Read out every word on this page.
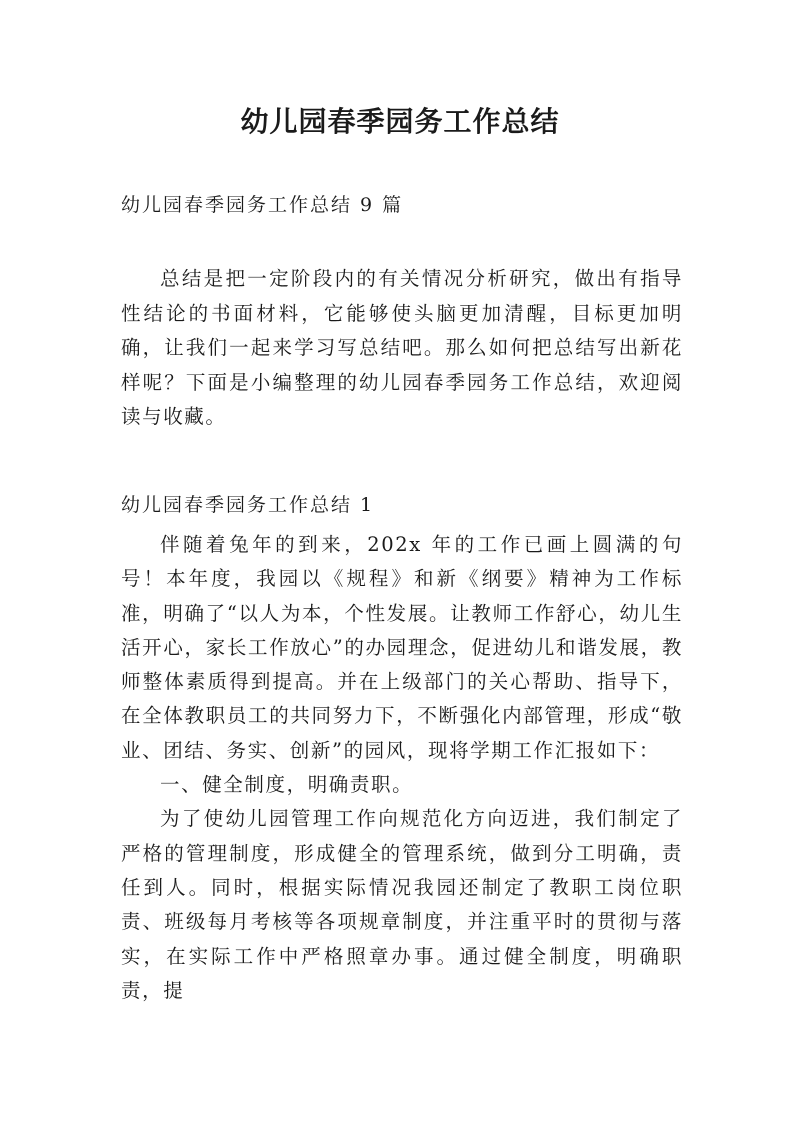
幼儿园春季园务工作总结

幼儿园春季园务工作总结 9 篇

总结是把一定阶段内的有关情况分析研究，做出有指导性结论的书面材料，它能够使头脑更加清醒，目标更加明确，让我们一起来学习写总结吧。那么如何把总结写出新花样呢？下面是小编整理的幼儿园春季园务工作总结，欢迎阅读与收藏。

幼儿园春季园务工作总结 1

伴随着兔年的到来，202x 年的工作已画上圆满的句号！本年度，我园以《规程》和新《纲要》精神为工作标准，明确了“以人为本，个性发展。让教师工作舒心，幼儿生活开心，家长工作放心”的办园理念，促进幼儿和谐发展，教师整体素质得到提高。并在上级部门的关心帮助、指导下，在全体教职员工的共同努力下，不断强化内部管理，形成“敬业、团结、务实、创新”的园风，现将学期工作汇报如下：

一、健全制度，明确责职。

为了使幼儿园管理工作向规范化方向迈进，我们制定了严格的管理制度，形成健全的管理系统，做到分工明确，责任到人。同时，根据实际情况我园还制定了教职工岗位职责、班级每月考核等各项规章制度，并注重平时的贯彻与落实，在实际工作中严格照章办事。通过健全制度，明确职责，提
